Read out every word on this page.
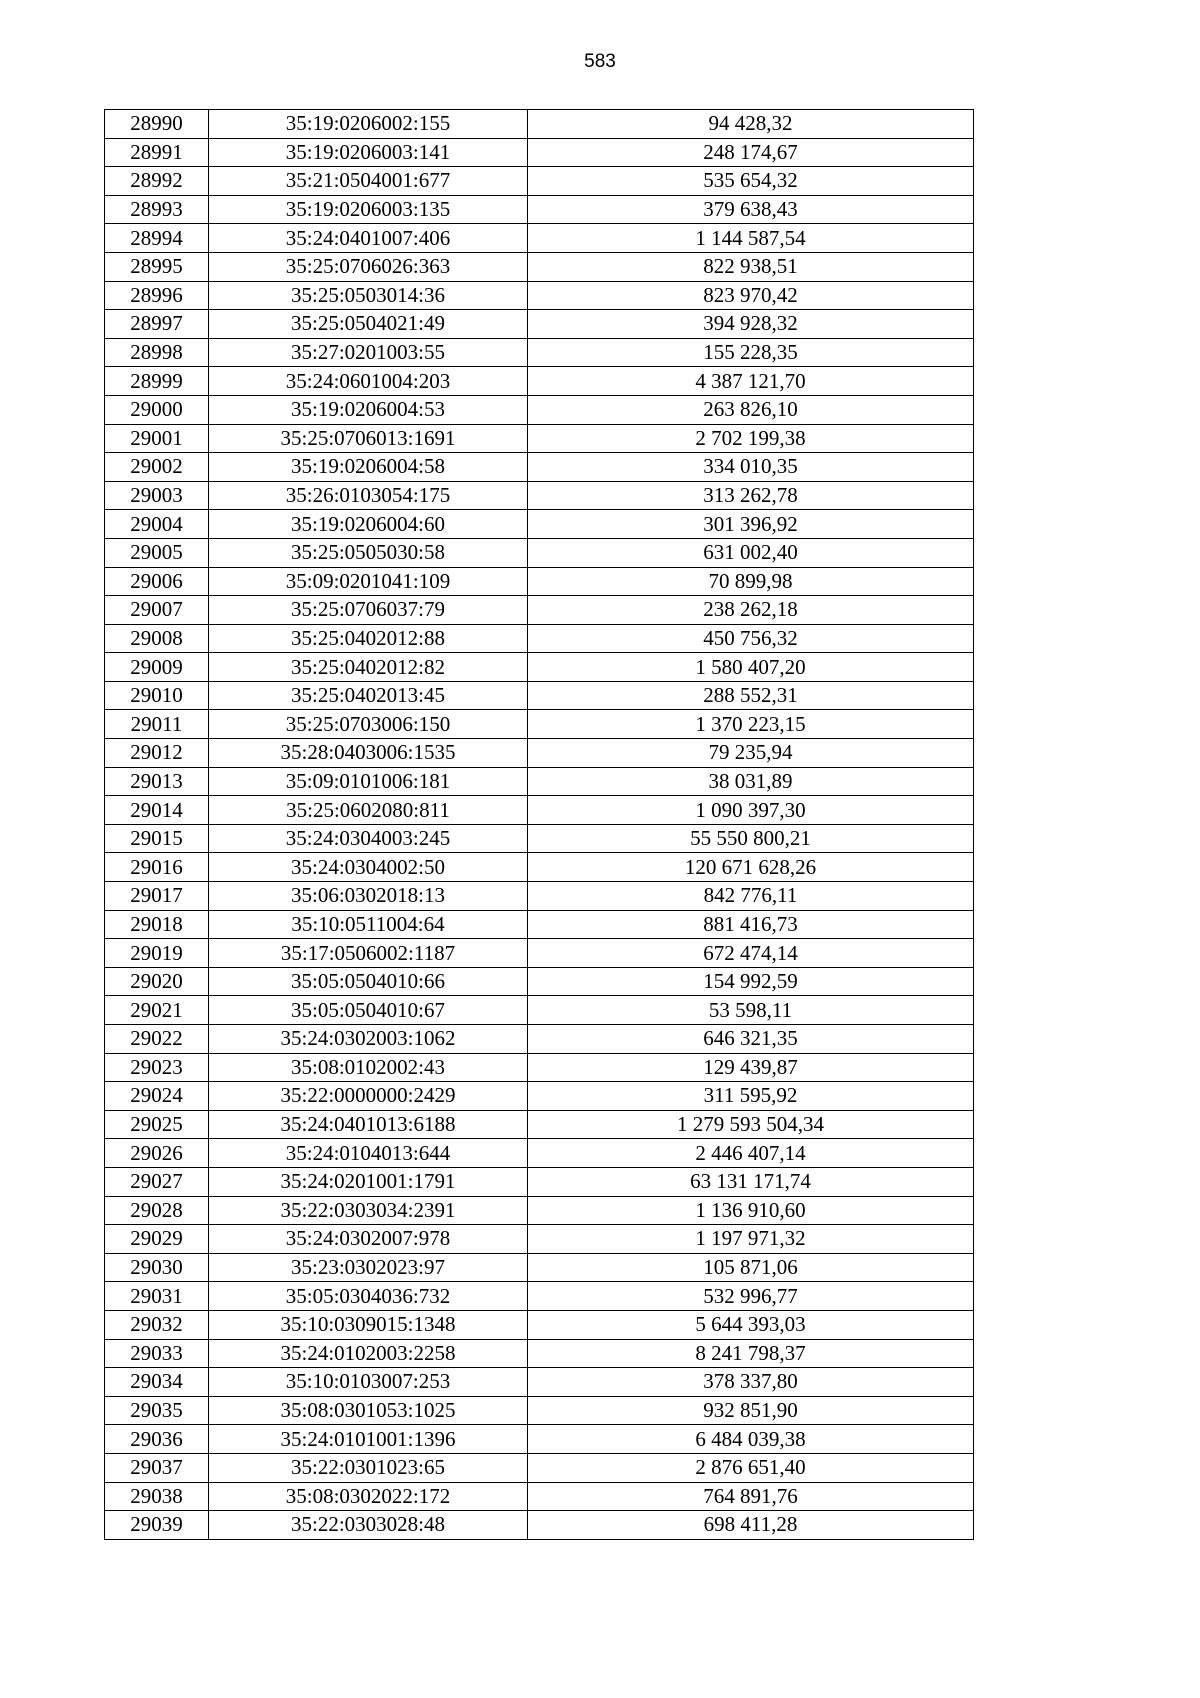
583
28990	35:19:0206002:155	94 428,32
28991	35:19:0206003:141	248 174,67
28992	35:21:0504001:677	535 654,32
28993	35:19:0206003:135	379 638,43
28994	35:24:0401007:406	1 144 587,54
28995	35:25:0706026:363	822 938,51
28996	35:25:0503014:36	823 970,42
28997	35:25:0504021:49	394 928,32
28998	35:27:0201003:55	155 228,35
28999	35:24:0601004:203	4 387 121,70
29000	35:19:0206004:53	263 826,10
29001	35:25:0706013:1691	2 702 199,38
29002	35:19:0206004:58	334 010,35
29003	35:26:0103054:175	313 262,78
29004	35:19:0206004:60	301 396,92
29005	35:25:0505030:58	631 002,40
29006	35:09:0201041:109	70 899,98
29007	35:25:0706037:79	238 262,18
29008	35:25:0402012:88	450 756,32
29009	35:25:0402012:82	1 580 407,20
29010	35:25:0402013:45	288 552,31
29011	35:25:0703006:150	1 370 223,15
29012	35:28:0403006:1535	79 235,94
29013	35:09:0101006:181	38 031,89
29014	35:25:0602080:811	1 090 397,30
29015	35:24:0304003:245	55 550 800,21
29016	35:24:0304002:50	120 671 628,26
29017	35:06:0302018:13	842 776,11
29018	35:10:0511004:64	881 416,73
29019	35:17:0506002:1187	672 474,14
29020	35:05:0504010:66	154 992,59
29021	35:05:0504010:67	53 598,11
29022	35:24:0302003:1062	646 321,35
29023	35:08:0102002:43	129 439,87
29024	35:22:0000000:2429	311 595,92
29025	35:24:0401013:6188	1 279 593 504,34
29026	35:24:0104013:644	2 446 407,14
29027	35:24:0201001:1791	63 131 171,74
29028	35:22:0303034:2391	1 136 910,60
29029	35:24:0302007:978	1 197 971,32
29030	35:23:0302023:97	105 871,06
29031	35:05:0304036:732	532 996,77
29032	35:10:0309015:1348	5 644 393,03
29033	35:24:0102003:2258	8 241 798,37
29034	35:10:0103007:253	378 337,80
29035	35:08:0301053:1025	932 851,90
29036	35:24:0101001:1396	6 484 039,38
29037	35:22:0301023:65	2 876 651,40
29038	35:08:0302022:172	764 891,76
29039	35:22:0303028:48	698 411,28
